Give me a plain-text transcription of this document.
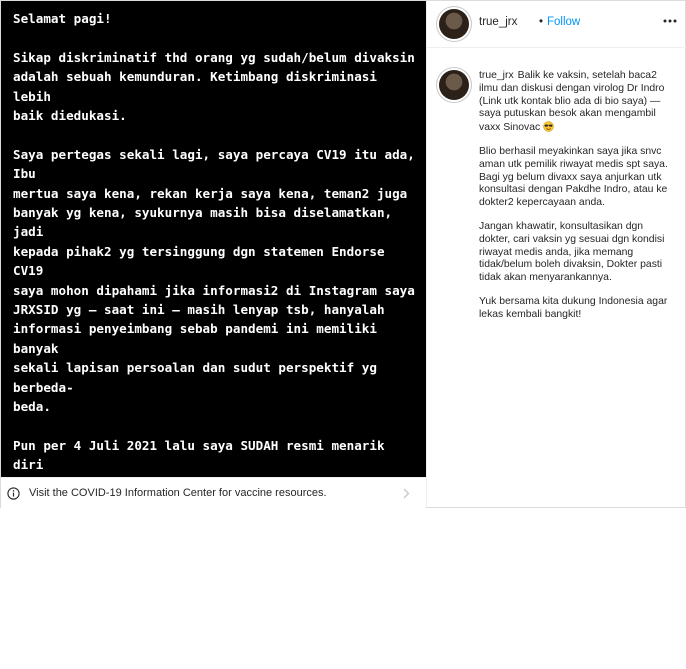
Selamat pagi!

Sikap diskriminatif thd orang yg sudah/belum divaksin
adalah sebuah kemunduran. Ketimbang diskriminasi lebih
baik diedukasi.

Saya pertegas sekali lagi, saya percaya CV19 itu ada, Ibu
mertua saya kena, rekan kerja saya kena, teman2 juga
banyak yg kena, syukurnya masih bisa diselamatkan, jadi
kepada pihak2 yg tersinggung dgn statemen Endorse CV19
saya mohon dipahami jika informasi2 di Instagram saya
JRXSID yg — saat ini — masih lenyap tsb, hanyalah
informasi penyeimbang sebab pandemi ini memiliki banyak
sekali lapisan persoalan dan sudut perspektif yg berbeda-
beda.

Pun per 4 Juli 2021 lalu saya SUDAH resmi menarik diri

Jangankan saya yg hanya Musisi, para Akademisi di
Indonesia & negara besar lainnya juga tak sedikit yg
memiliki pandangan berbeda dgn narasi populer.

Saya tidak pernah mengecilkan nilai nyawa siapapun, saya
turut berduka atas semua korban CV19.

Visit the COVID-19 Information Center for vaccine resources.
true_jrx • Follow

true_jrx Balik ke vaksin, setelah baca2 ilmu dan diskusi dengan virolog Dr Indro (Link utk kontak blio ada di bio saya) — saya putuskan besok akan mengambil vaxx Sinovac

Blio berhasil meyakinkan saya jika snvc aman utk pemilik riwayat medis spt saya. Bagi yg belum divaxx saya anjurkan utk konsultasi dengan Pakdhe Indro, atau ke dokter2 kepercayaan anda.

Jangan khawatir, konsultasikan dgn dokter, cari vaksin yg sesuai dgn kondisi riwayat medis anda, jika memang tidak/belum boleh divaksin, Dokter pasti tidak akan menyarankannya.

Yuk bersama kita dukung Indonesia agar lekas kembali bangkit!
